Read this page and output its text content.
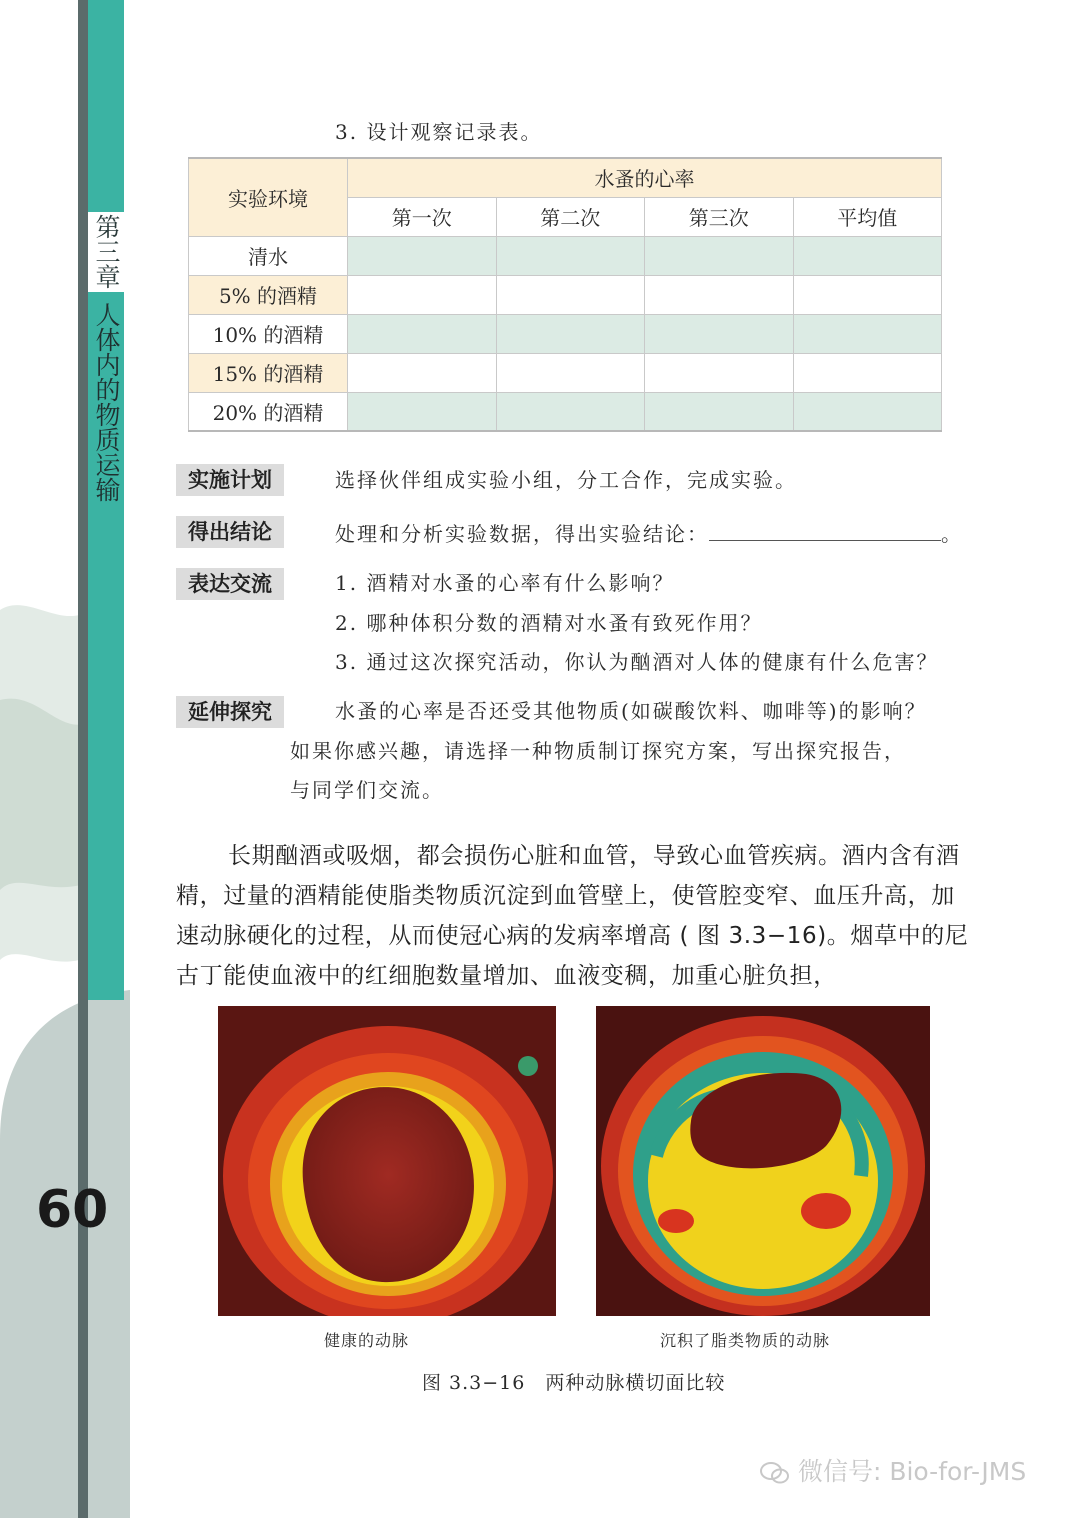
第三章
人体内的物质运输
60
3. 设计观察记录表。
实验环境	水蚤的心率			
	第一次	第二次	第三次	平均值
清水				
5% 的酒精				
10% 的酒精				
15% 的酒精				
20% 的酒精				
实施计划	选择伙伴组成实验小组，分工合作，完成实验。
得出结论	处理和分析实验数据，得出实验结论：	。
表达交流	1. 酒精对水蚤的心率有什么影响？
2. 哪种体积分数的酒精对水蚤有致死作用？
3. 通过这次探究活动，你认为酗酒对人体的健康有什么危害？
延伸探究	水蚤的心率是否还受其他物质(如碳酸饮料、咖啡等)的影响？
如果你感兴趣，请选择一种物质制订探究方案，写出探究报告，
与同学们交流。
长期酗酒或吸烟，都会损伤心脏和血管，导致心血管疾病。酒内含有酒精，过量的酒精能使脂类物质沉淀到血管壁上，使管腔变窄、血压升高，加速动脉硬化的过程，从而使冠心病的发病率增高 ( 图 3.3−16)。烟草中的尼古丁能使血液中的红细胞数量增加、血液变稠，加重心脏负担，
健康的动脉	沉积了脂类物质的动脉
图 3.3−16　两种动脉横切面比较
微信号: Bio-for-JMS
